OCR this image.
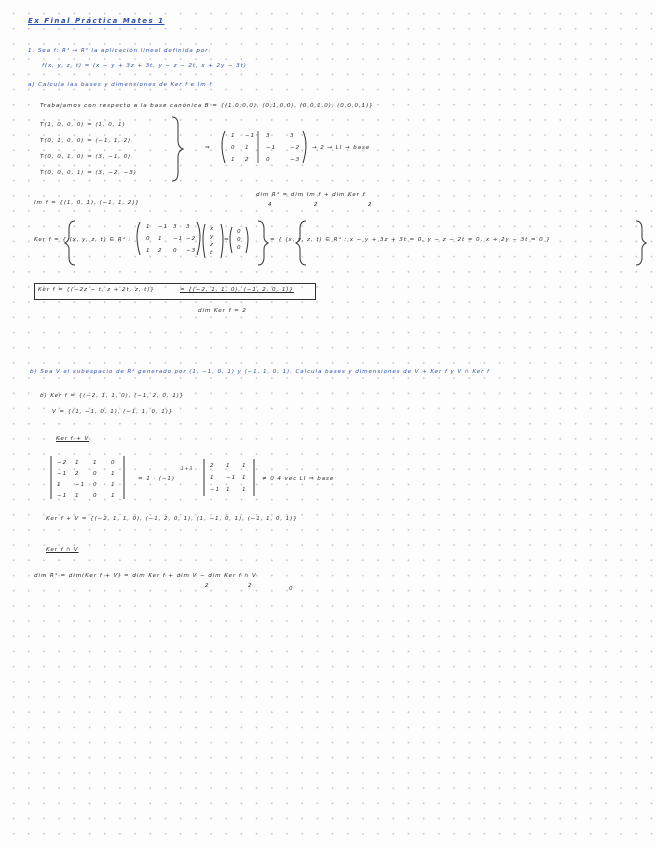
Ex Final Práctica Mates 1

1. Sea f: R⁴ → R³ la aplicación lineal definida por:

f(x, y, z, t) = (x − y + 3z + 3t, y − z − 2t, x + 2y − 3t)

a) Calcula las bases y dimensiones de Ker f e Im f

Trabajamos con respecto a la base canónica B = {(1,0,0,0), (0,1,0,0), (0,0,1,0), (0,0,0,1)}

T(1, 0, 0, 0) = (1, 0, 1)

T(0, 1, 0, 0) = (−1, 1, 2)

T(0, 0, 1, 0) = (3, −1, 0)

T(0, 0, 0, 1) = (3, −2, −3)

1 −1 3	3

0 1	−1 −2

1 2	0	−3

⇒	→ 2 → LI → base

dim R⁴ = dim Im f + dim Ker f

4	2	2

Im f = {(1, 0, 1), (−1, 1, 2)}

Ker f = { (x, y, z, t) ∈ R⁴ :

1 −1 3 3

0 1 −1 −2

1 2 0 −3

x

y

z

t

=

0

0

0

= { (x, y, z, t) ∈ R⁴ : x − y + 3z + 3t = 0, y − z − 2t = 0, x + 2y − 3t = 0 }

Ker f = {(−2z − t, z + 2t, z, t)}	= {(−2, 1, 1, 0), (−1, 2, 0, 1)}

dim Ker f = 2

b) Sea V el subespacio de R⁴ generado por (1, −1, 0, 1) y (−1, 1, 0, 1). Calcula bases y dimensiones de V + Ker f y V ∩ Ker f

b) Ker f = {(−2, 1, 1, 0), (−1, 2, 0, 1)}

V = {(1, −1, 0, 1), (−1, 1, 0, 1)}

Ker f + V

−2 1 1 0

−1 2 0 1

1 −1 0 1

−1 1 0 1

= 1 · (−1)

1+3

2 1 1

1 −1 1

−1 1 1

≠ 0 4 vec LI ⇒ base

Ker f + V = {(−2, 1, 1, 0), (−1, 2, 0, 1), (1, −1, 0, 1), (−1, 1, 0, 1)}

Ker f ∩ V

dim R⁴ = dim(Ker f + V) = dim Ker f + dim V − dim Ker f ∩ V

2	2	0
